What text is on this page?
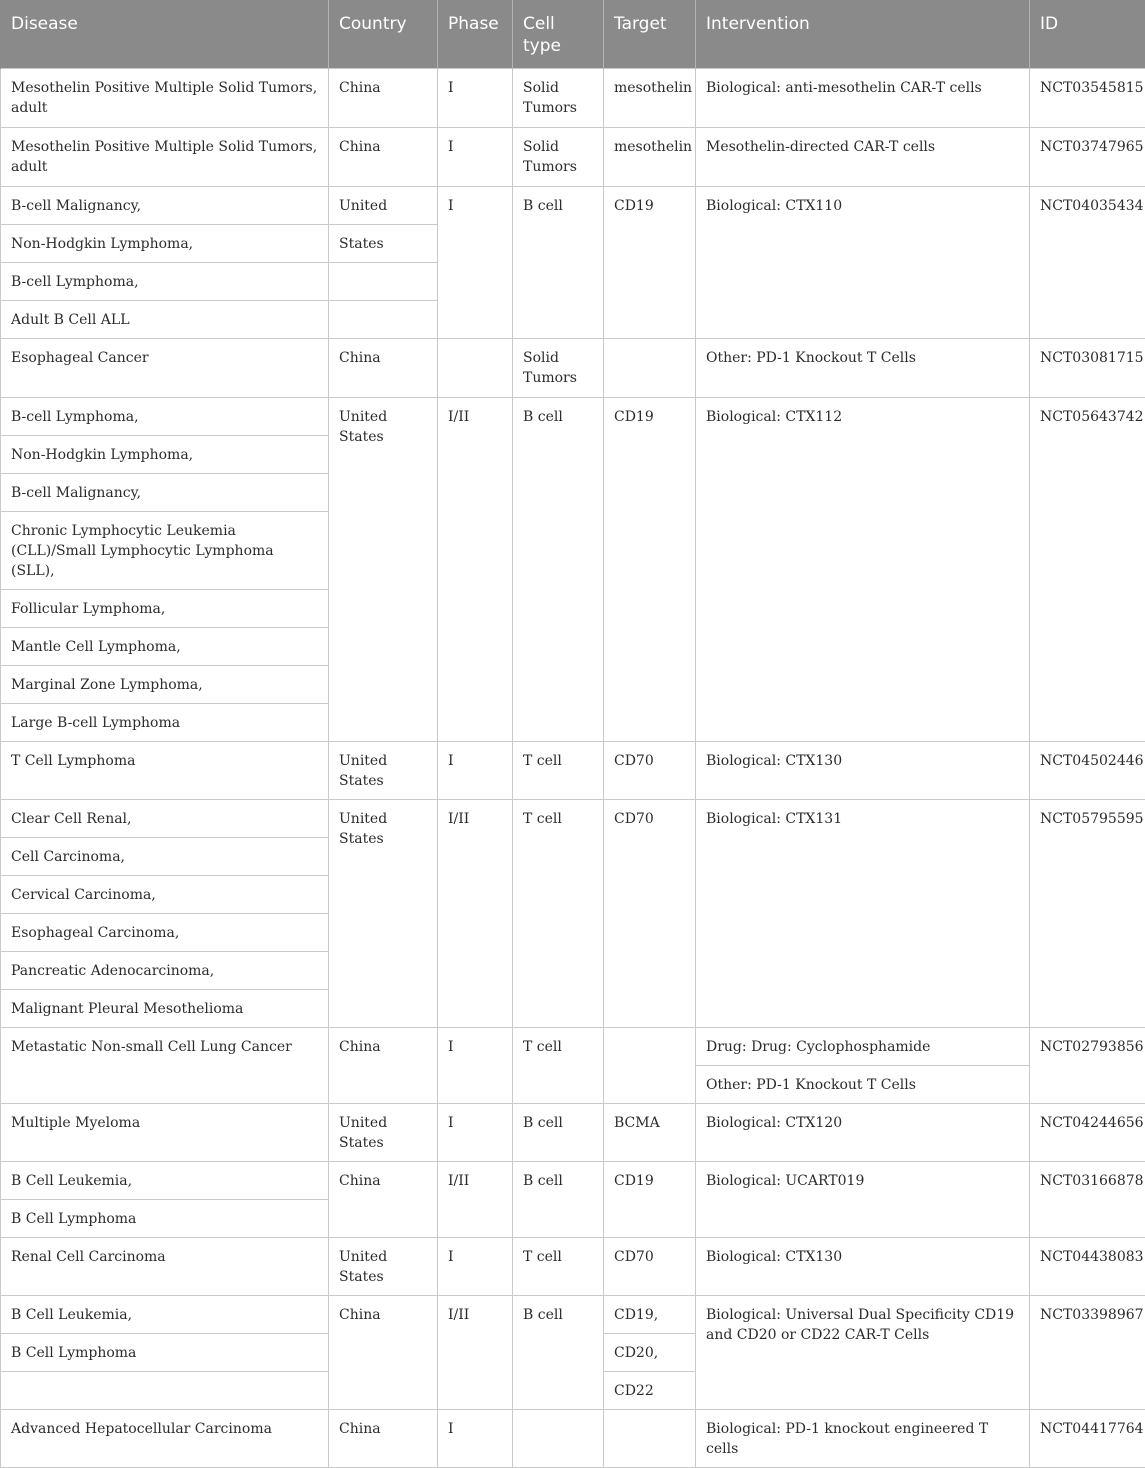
Disease	Country	Phase	Cell type	Target	Intervention	ID
Mesothelin Positive Multiple Solid Tumors, adult	China	I	Solid Tumors	mesothelin	Biological: anti-mesothelin CAR-T cells	NCT03545815
Mesothelin Positive Multiple Solid Tumors, adult	China	I	Solid Tumors	mesothelin	Mesothelin-directed CAR-T cells	NCT03747965
B-cell Malignancy,	United	I	B cell	CD19	Biological: CTX110	NCT04035434
Non-Hodgkin Lymphoma,	States					
B-cell Lymphoma,						
Adult B Cell ALL						
Esophageal Cancer	China		Solid Tumors		Other: PD-1 Knockout T Cells	NCT03081715
B-cell Lymphoma,	United States	I/II	B cell	CD19	Biological: CTX112	NCT05643742
Non-Hodgkin Lymphoma,						
B-cell Malignancy,						
Chronic Lymphocytic Leukemia (CLL)/Small Lymphocytic Lymphoma (SLL),						
Follicular Lymphoma,						
Mantle Cell Lymphoma,						
Marginal Zone Lymphoma,						
Large B-cell Lymphoma						
T Cell Lymphoma	United States	I	T cell	CD70	Biological: CTX130	NCT04502446
Clear Cell Renal,	United States	I/II	T cell	CD70	Biological: CTX131	NCT05795595
Cell Carcinoma,						
Cervical Carcinoma,						
Esophageal Carcinoma,						
Pancreatic Adenocarcinoma,						
Malignant Pleural Mesothelioma						
Metastatic Non-small Cell Lung Cancer	China	I	T cell		Drug: Drug: Cyclophosphamide	NCT02793856
					Other: PD-1 Knockout T Cells	
Multiple Myeloma	United States	I	B cell	BCMA	Biological: CTX120	NCT04244656
B Cell Leukemia,	China	I/II	B cell	CD19	Biological: UCART019	NCT03166878
B Cell Lymphoma						
Renal Cell Carcinoma	United States	I	T cell	CD70	Biological: CTX130	NCT04438083
B Cell Leukemia,	China	I/II	B cell	CD19,	Biological: Universal Dual Specificity CD19 and CD20 or CD22 CAR-T Cells	NCT03398967
B Cell Lymphoma				CD20,		
				CD22		
Advanced Hepatocellular Carcinoma	China	I			Biological: PD-1 knockout engineered T cells	NCT04417764
